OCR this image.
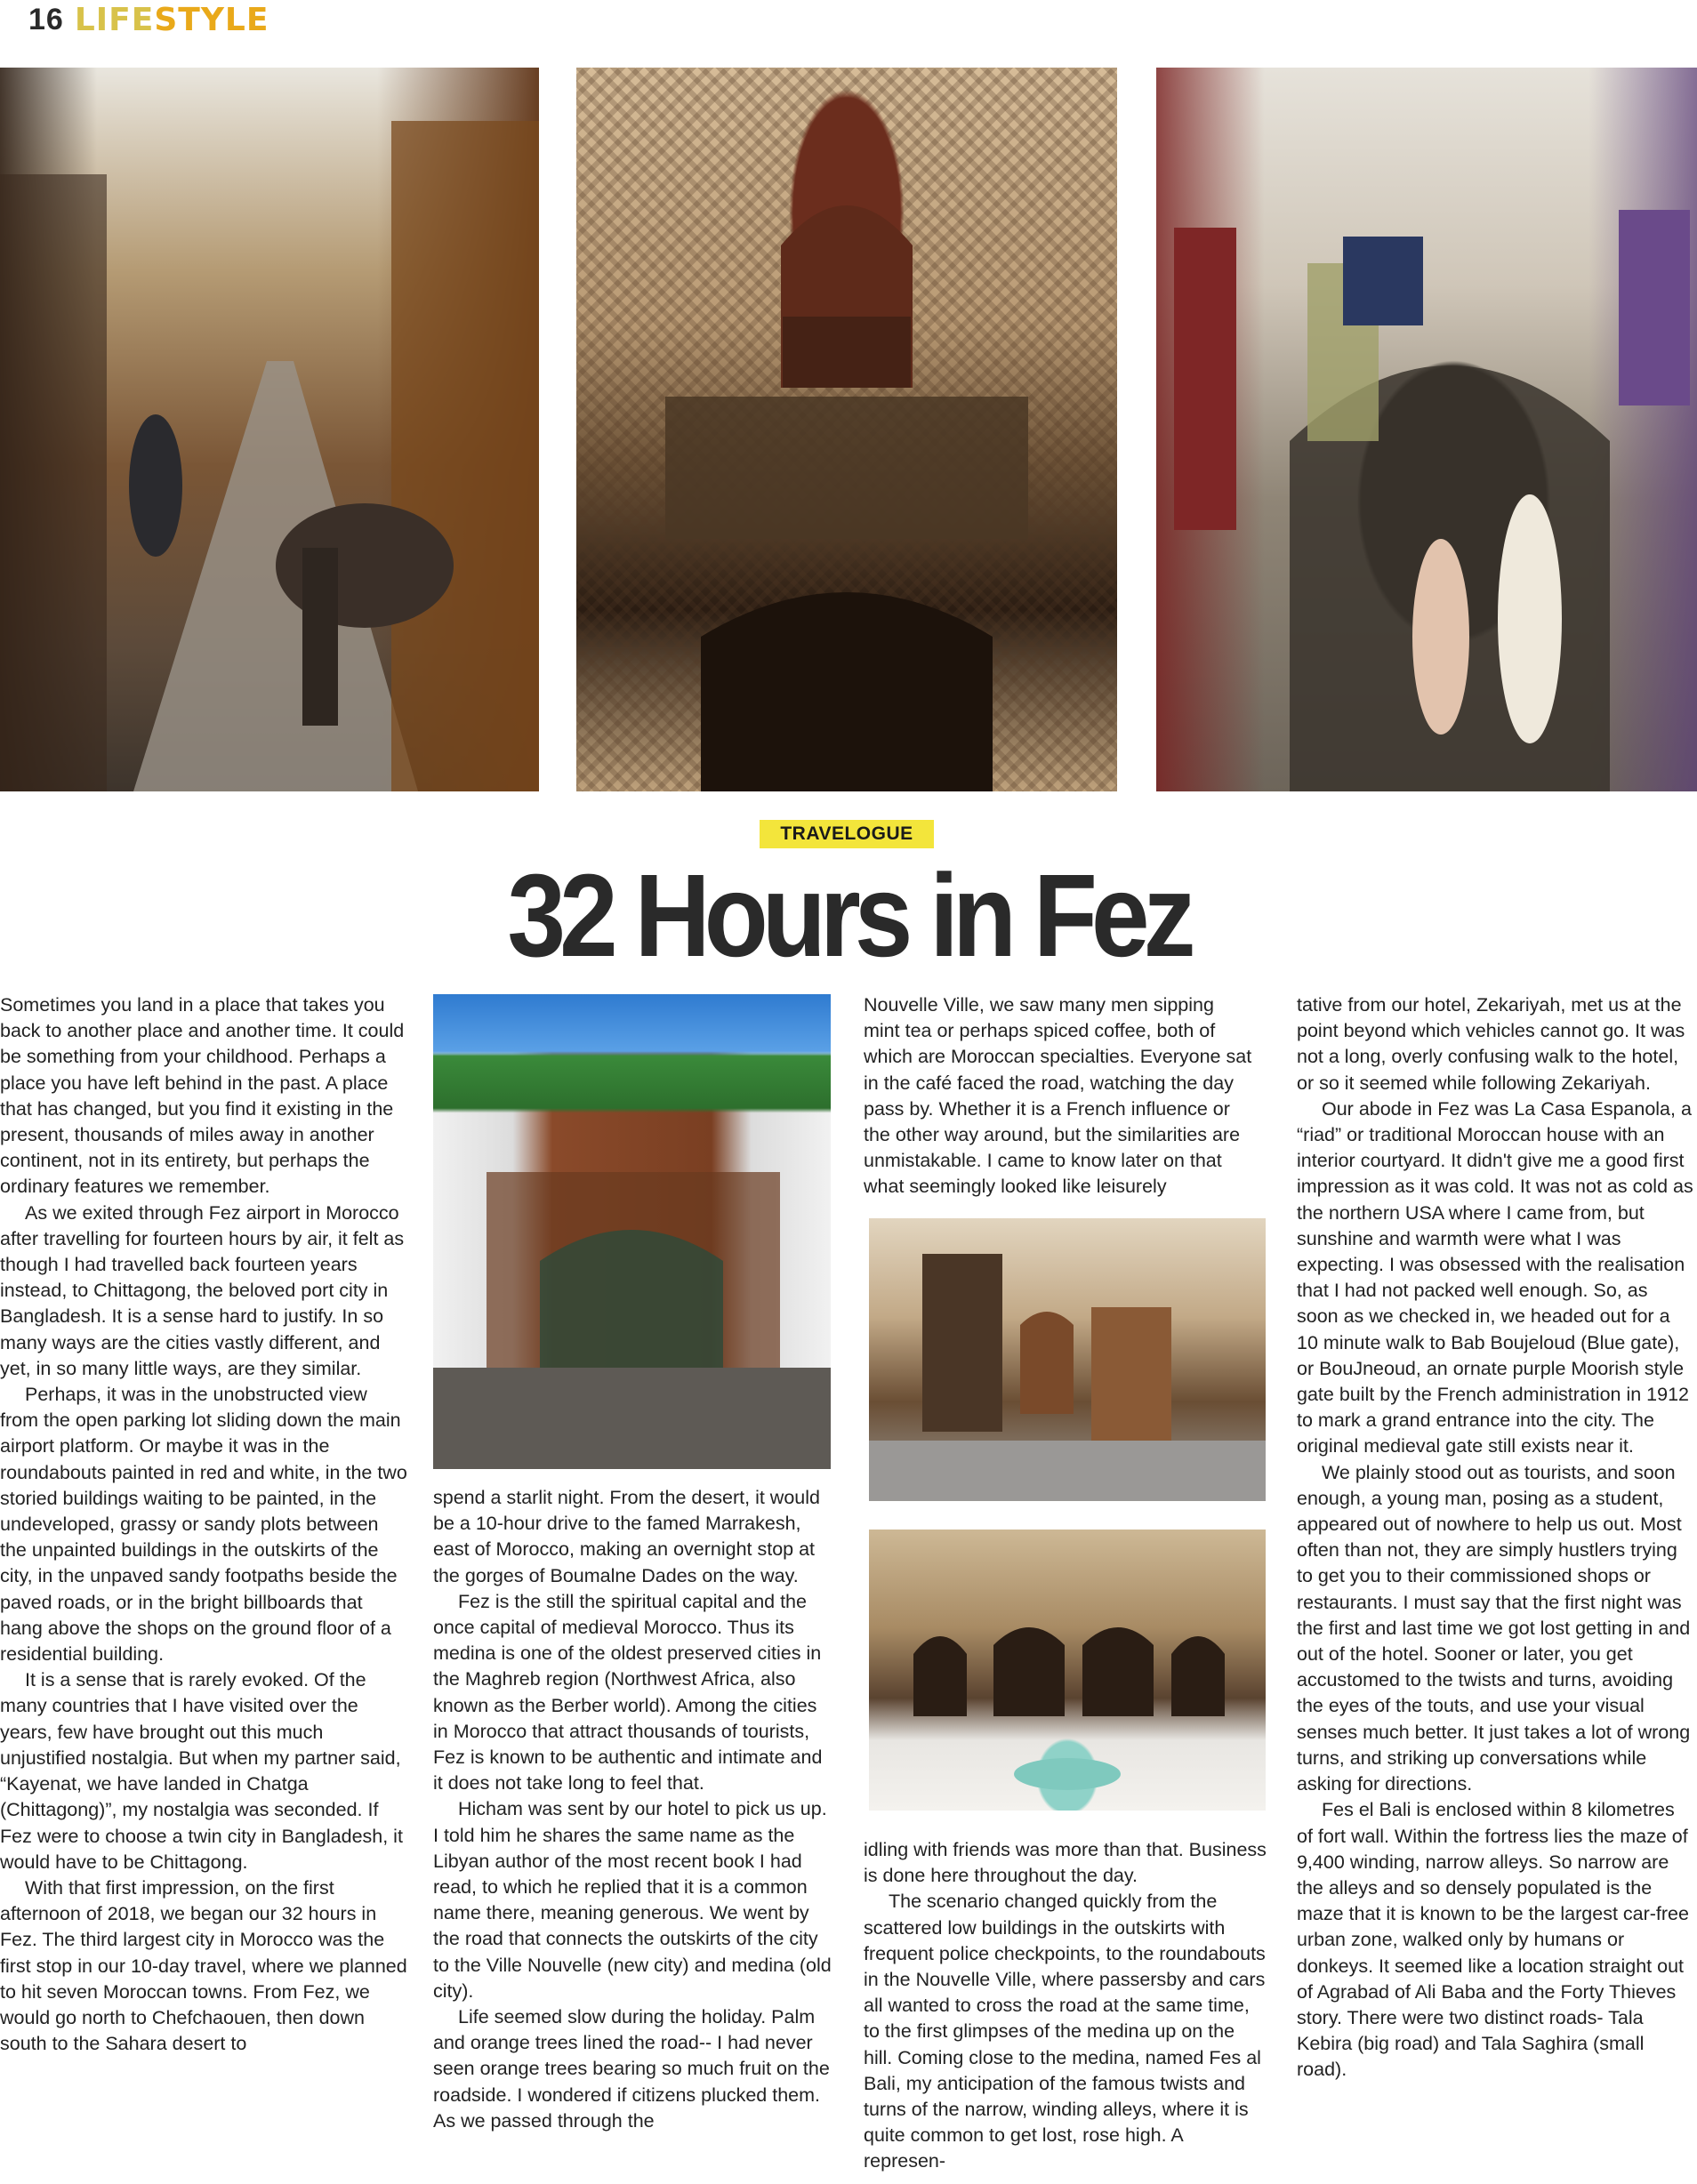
16 LIFESTYLE
TRAVELOGUE
32 Hours in Fez

Sometimes you land in a place that takes you back to another place and another time. It could be something from your childhood. Perhaps a place you have left behind in the past. A place that has changed, but you find it existing in the present, thousands of miles away in another continent, not in its entirety, but perhaps the ordinary features we remember.

As we exited through Fez airport in Morocco after travelling for fourteen hours by air, it felt as though I had travelled back fourteen years instead, to Chittagong, the beloved port city in Bangladesh. It is a sense hard to justify. In so many ways are the cities vastly different, and yet, in so many little ways, are they similar.

Perhaps, it was in the unobstructed view from the open parking lot sliding down the main airport platform. Or maybe it was in the roundabouts painted in red and white, in the two storied buildings waiting to be painted, in the undeveloped, grassy or sandy plots between the unpainted buildings in the outskirts of the city, in the unpaved sandy footpaths beside the paved roads, or in the bright billboards that hang above the shops on the ground floor of a residential building.

It is a sense that is rarely evoked. Of the many countries that I have visited over the years, few have brought out this much unjustified nostalgia. But when my partner said, “Kayenat, we have landed in Chatga (Chittagong)”, my nostalgia was seconded. If Fez were to choose a twin city in Bangladesh, it would have to be Chittagong.

With that first impression, on the first afternoon of 2018, we began our 32 hours in Fez. The third largest city in Morocco was the first stop in our 10-day travel, where we planned to hit seven Moroccan towns. From Fez, we would go north to Chefchaouen, then down south to the Sahara desert to

spend a starlit night. From the desert, it would be a 10-hour drive to the famed Marrakesh, east of Morocco, making an overnight stop at the gorges of Boumalne Dades on the way.

Fez is the still the spiritual capital and the once capital of medieval Morocco. Thus its medina is one of the oldest preserved cities in the Maghreb region (Northwest Africa, also known as the Berber world). Among the cities in Morocco that attract thousands of tourists, Fez is known to be authentic and intimate and it does not take long to feel that.

Hicham was sent by our hotel to pick us up. I told him he shares the same name as the Libyan author of the most recent book I had read, to which he replied that it is a common name there, meaning generous. We went by the road that connects the outskirts of the city to the Ville Nouvelle (new city) and medina (old city).

Life seemed slow during the holiday. Palm and orange trees lined the road-- I had never seen orange trees bearing so much fruit on the roadside. I wondered if citizens plucked them. As we passed through the

Nouvelle Ville, we saw many men sipping mint tea or perhaps spiced coffee, both of which are Moroccan specialties. Everyone sat in the café faced the road, watching the day pass by. Whether it is a French influence or the other way around, but the similarities are unmistakable. I came to know later on that what seemingly looked like leisurely

idling with friends was more than that. Business is done here throughout the day.

The scenario changed quickly from the scattered low buildings in the outskirts with frequent police checkpoints, to the roundabouts in the Nouvelle Ville, where passersby and cars all wanted to cross the road at the same time, to the first glimpses of the medina up on the hill. Coming close to the medina, named Fes al Bali, my anticipation of the famous twists and turns of the narrow, winding alleys, where it is quite common to get lost, rose high. A represen-

tative from our hotel, Zekariyah, met us at the point beyond which vehicles cannot go. It was not a long, overly confusing walk to the hotel, or so it seemed while following Zekariyah.

Our abode in Fez was La Casa Espanola, a “riad” or traditional Moroccan house with an interior courtyard. It didn't give me a good first impression as it was cold. It was not as cold as the northern USA where I came from, but sunshine and warmth were what I was expecting. I was obsessed with the realisation that I had not packed well enough. So, as soon as we checked in, we headed out for a 10 minute walk to Bab Boujeloud (Blue gate), or BouJneoud, an ornate purple Moorish style gate built by the French administration in 1912 to mark a grand entrance into the city. The original medieval gate still exists near it.

We plainly stood out as tourists, and soon enough, a young man, posing as a student, appeared out of nowhere to help us out. Most often than not, they are simply hustlers trying to get you to their commissioned shops or restaurants. I must say that the first night was the first and last time we got lost getting in and out of the hotel. Sooner or later, you get accustomed to the twists and turns, avoiding the eyes of the touts, and use your visual senses much better. It just takes a lot of wrong turns, and striking up conversations while asking for directions.

Fes el Bali is enclosed within 8 kilometres of fort wall. Within the fortress lies the maze of 9,400 winding, narrow alleys. So narrow are the alleys and so densely populated is the maze that it is known to be the largest car-free urban zone, walked only by humans or donkeys. It seemed like a location straight out of Agrabad of Ali Baba and the Forty Thieves story. There were two distinct roads- Tala Kebira (big road) and Tala Saghira (small road).
